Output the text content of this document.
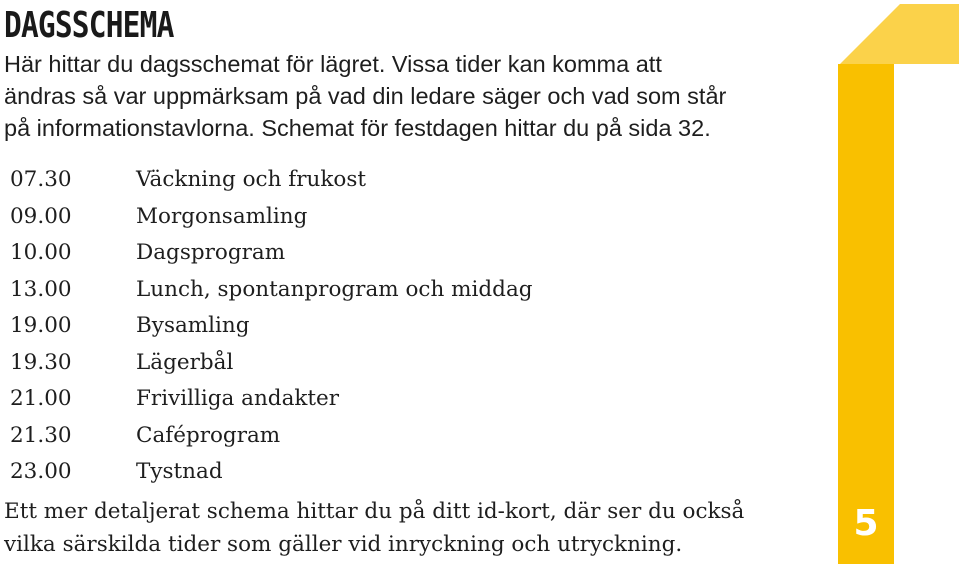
DAGSSCHEMA

Här hittar du dagsschemat för lägret. Vissa tider kan komma att
ändras så var uppmärksam på vad din ledare säger och vad som står
på informationstavlorna. Schemat för festdagen hittar du på sida 32.

07.30	Väckning och frukost
09.00	Morgonsamling
10.00	Dagsprogram
13.00	Lunch, spontanprogram och middag
19.00	Bysamling
19.30	Lägerbål
21.00	Frivilliga andakter
21.30	Caféprogram
23.00	Tystnad

Ett mer detaljerat schema hittar du på ditt id-kort, där ser du också
vilka särskilda tider som gäller vid inryckning och utryckning.

5
